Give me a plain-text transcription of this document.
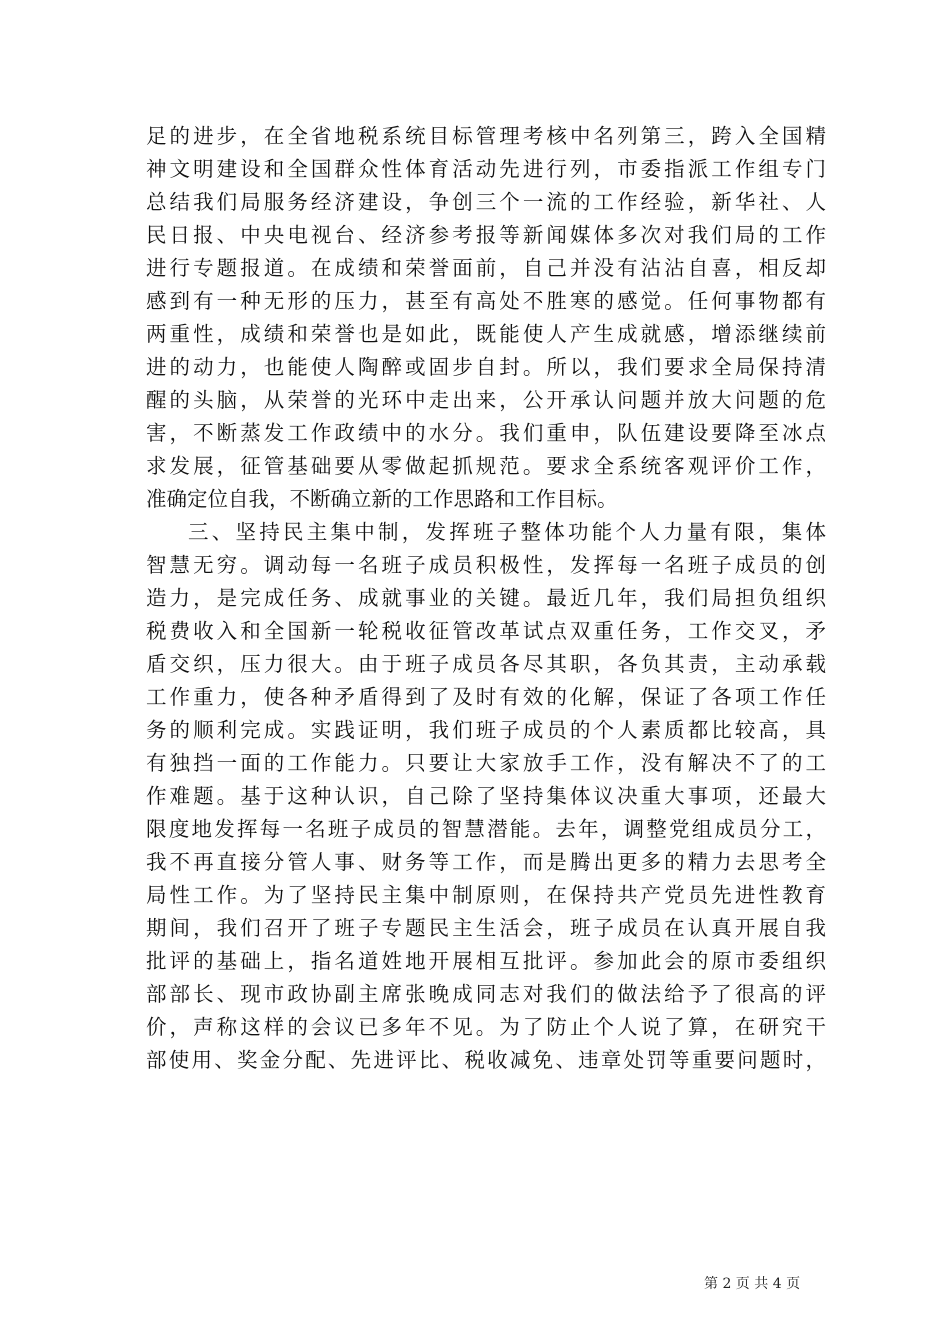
足的进步，在全省地税系统目标管理考核中名列第三，跨入全国精
神文明建设和全国群众性体育活动先进行列，市委指派工作组专门
总结我们局服务经济建设，争创三个一流的工作经验，新华社、人
民日报、中央电视台、经济参考报等新闻媒体多次对我们局的工作
进行专题报道。在成绩和荣誉面前，自己并没有沾沾自喜，相反却
感到有一种无形的压力，甚至有高处不胜寒的感觉。任何事物都有
两重性，成绩和荣誉也是如此，既能使人产生成就感，增添继续前
进的动力，也能使人陶醉或固步自封。所以，我们要求全局保持清
醒的头脑，从荣誉的光环中走出来，公开承认问题并放大问题的危
害，不断蒸发工作政绩中的水分。我们重申，队伍建设要降至冰点
求发展，征管基础要从零做起抓规范。要求全系统客观评价工作，
准确定位自我，不断确立新的工作思路和工作目标。
三、坚持民主集中制，发挥班子整体功能个人力量有限，集体
智慧无穷。调动每一名班子成员积极性，发挥每一名班子成员的创
造力，是完成任务、成就事业的关键。最近几年，我们局担负组织
税费收入和全国新一轮税收征管改革试点双重任务，工作交叉，矛
盾交织，压力很大。由于班子成员各尽其职，各负其责，主动承载
工作重力，使各种矛盾得到了及时有效的化解，保证了各项工作任
务的顺利完成。实践证明，我们班子成员的个人素质都比较高，具
有独挡一面的工作能力。只要让大家放手工作，没有解决不了的工
作难题。基于这种认识，自己除了坚持集体议决重大事项，还最大
限度地发挥每一名班子成员的智慧潜能。去年，调整党组成员分工，
我不再直接分管人事、财务等工作，而是腾出更多的精力去思考全
局性工作。为了坚持民主集中制原则，在保持共产党员先进性教育
期间，我们召开了班子专题民主生活会，班子成员在认真开展自我
批评的基础上，指名道姓地开展相互批评。参加此会的原市委组织
部部长、现市政协副主席张晚成同志对我们的做法给予了很高的评
价，声称这样的会议已多年不见。为了防止个人说了算，在研究干
部使用、奖金分配、先进评比、税收减免、违章处罚等重要问题时，
第 2 页 共 4 页
